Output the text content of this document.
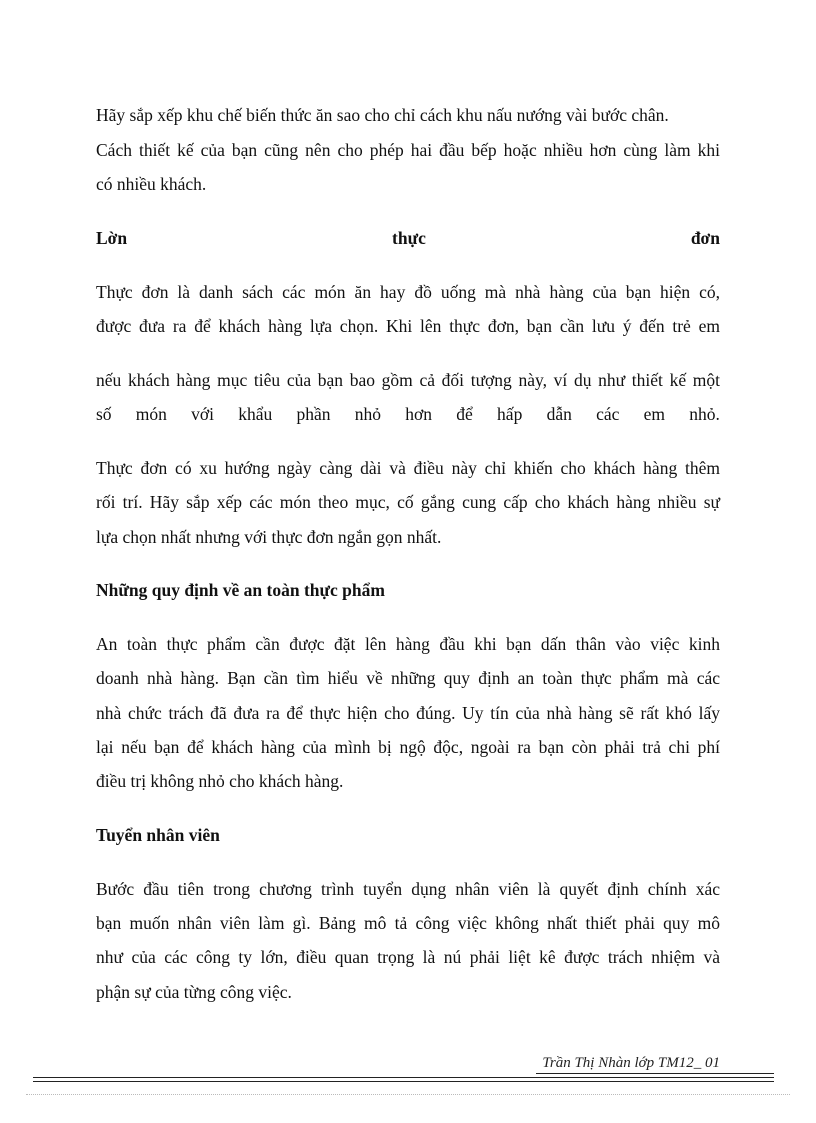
Hãy sắp xếp khu chế biến thức ăn sao cho chỉ cách khu nấu nướng vài bước chân.
Cách thiết kế của bạn cũng nên cho phép hai đầu bếp hoặc nhiều hơn cùng làm khi
có nhiều khách.
Lờn	thực	đơn
Thực đơn là danh sách các món ăn hay đồ uống mà nhà hàng của bạn hiện có,
được đưa ra để khách hàng lựa chọn. Khi lên thực đơn, bạn cần lưu ý đến trẻ em
nếu khách hàng mục tiêu của bạn bao gồm cả đối tượng này, ví dụ như thiết kế một
số món với khẩu phần nhỏ hơn để hấp dẫn các em nhỏ.
Thực đơn có xu hướng ngày càng dài và điều này chỉ khiến cho khách hàng thêm
rối trí. Hãy sắp xếp các món theo mục, cố gắng cung cấp cho khách hàng nhiều sự
lựa chọn nhất nhưng với thực đơn ngắn gọn nhất.
Những quy định về an toàn thực phẩm
An toàn thực phẩm cần được đặt lên hàng đầu khi bạn dấn thân vào việc kinh
doanh nhà hàng. Bạn cần tìm hiểu về những quy định an toàn thực phẩm mà các
nhà chức trách đã đưa ra để thực hiện cho đúng. Uy tín của nhà hàng sẽ rất khó lấy
lại nếu bạn để khách hàng của mình bị ngộ độc, ngoài ra bạn còn phải trả chi phí
điều trị không nhỏ cho khách hàng.
Tuyển nhân viên
Bước đầu tiên trong chương trình tuyển dụng nhân viên là quyết định chính xác
bạn muốn nhân viên làm gì. Bảng mô tả công việc không nhất thiết phải quy mô
như của các công ty lớn, điều quan trọng là nú phải liệt kê được trách nhiệm và
phận sự của từng công việc.
Trần Thị Nhàn lớp TM12_ 01
